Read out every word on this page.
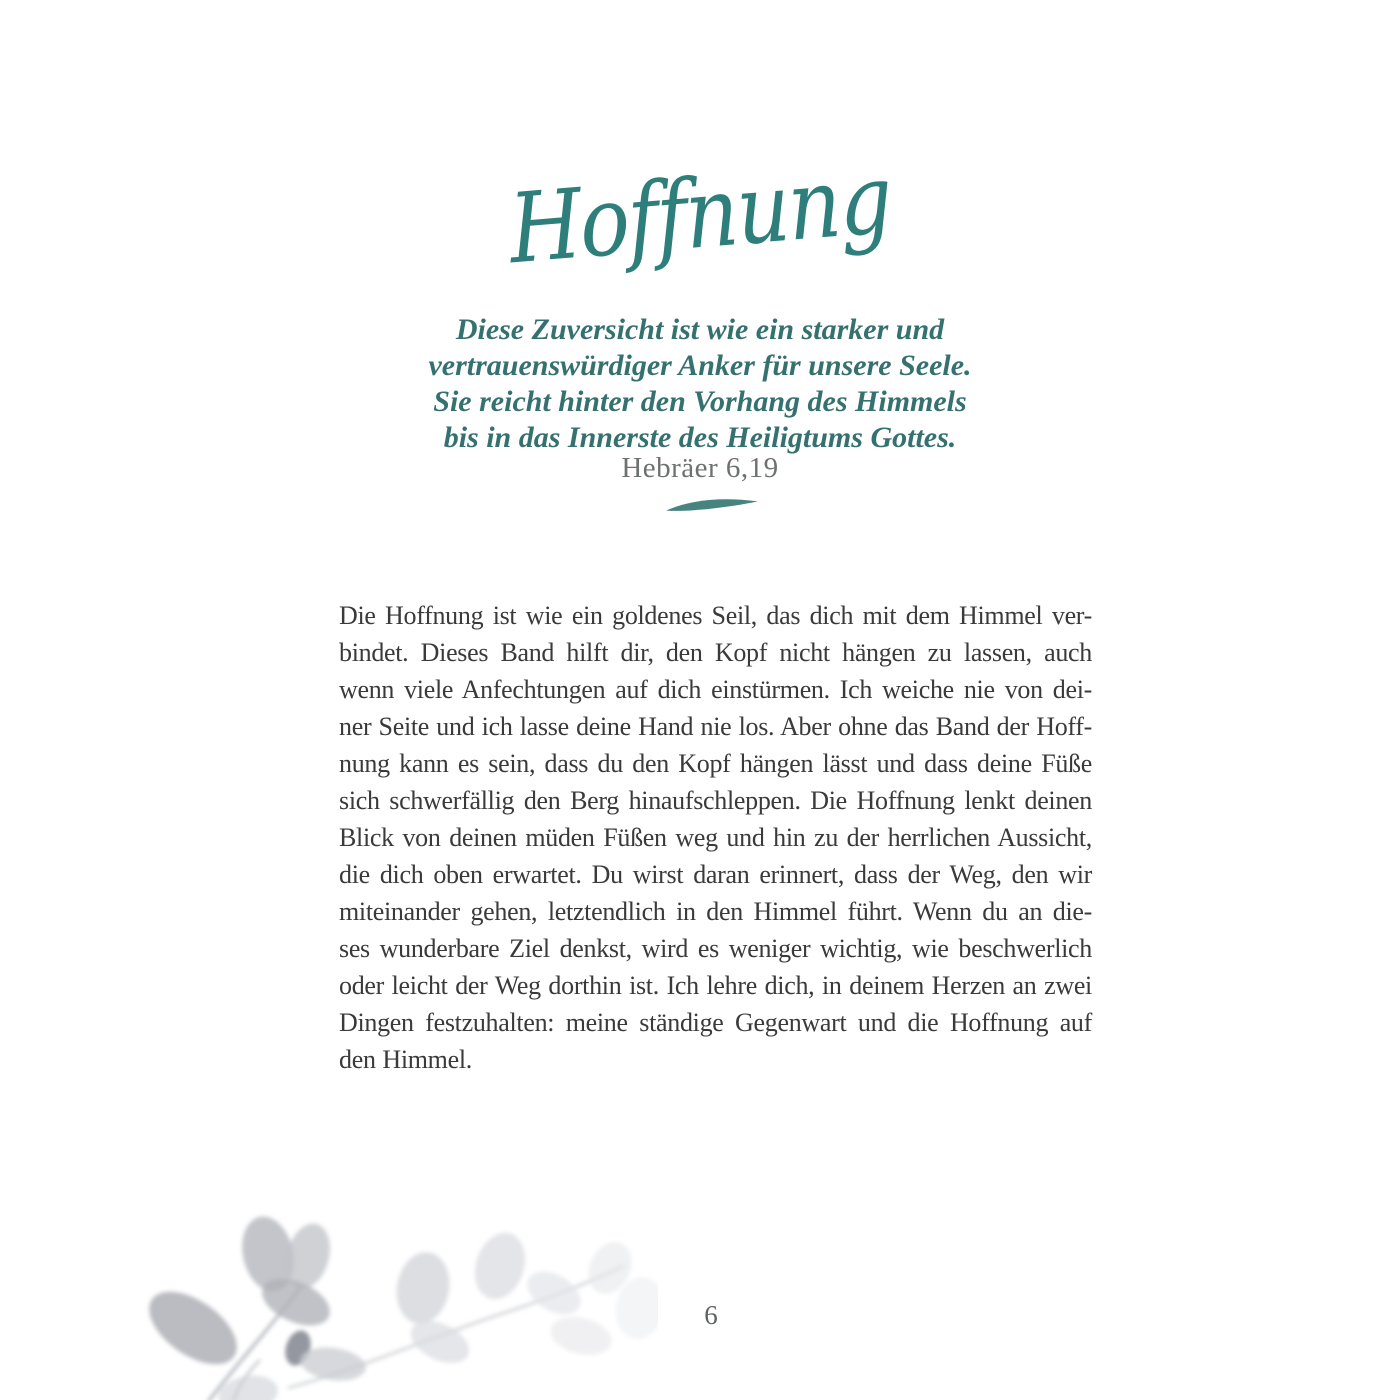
Hoffnung
Diese Zuversicht ist wie ein starker und
vertrauenswürdiger Anker für unsere Seele.
Sie reicht hinter den Vorhang des Himmels
bis in das Innerste des Heiligtums Gottes.
Hebräer 6,19
Die Hoffnung ist wie ein goldenes Seil, das dich mit dem Himmel ver-
bindet. Dieses Band hilft dir, den Kopf nicht hängen zu lassen, auch
wenn viele Anfechtungen auf dich einstürmen. Ich weiche nie von dei-
ner Seite und ich lasse deine Hand nie los. Aber ohne das Band der Hoff-
nung kann es sein, dass du den Kopf hängen lässt und dass deine Füße
sich schwerfällig den Berg hinaufschleppen. Die Hoffnung lenkt deinen
Blick von deinen müden Füßen weg und hin zu der herrlichen Aussicht,
die dich oben erwartet. Du wirst daran erinnert, dass der Weg, den wir
miteinander gehen, letztendlich in den Himmel führt. Wenn du an die-
ses wunderbare Ziel denkst, wird es weniger wichtig, wie beschwerlich
oder leicht der Weg dorthin ist. Ich lehre dich, in deinem Herzen an zwei
Dingen festzuhalten: meine ständige Gegenwart und die Hoffnung auf
den Himmel.
6
